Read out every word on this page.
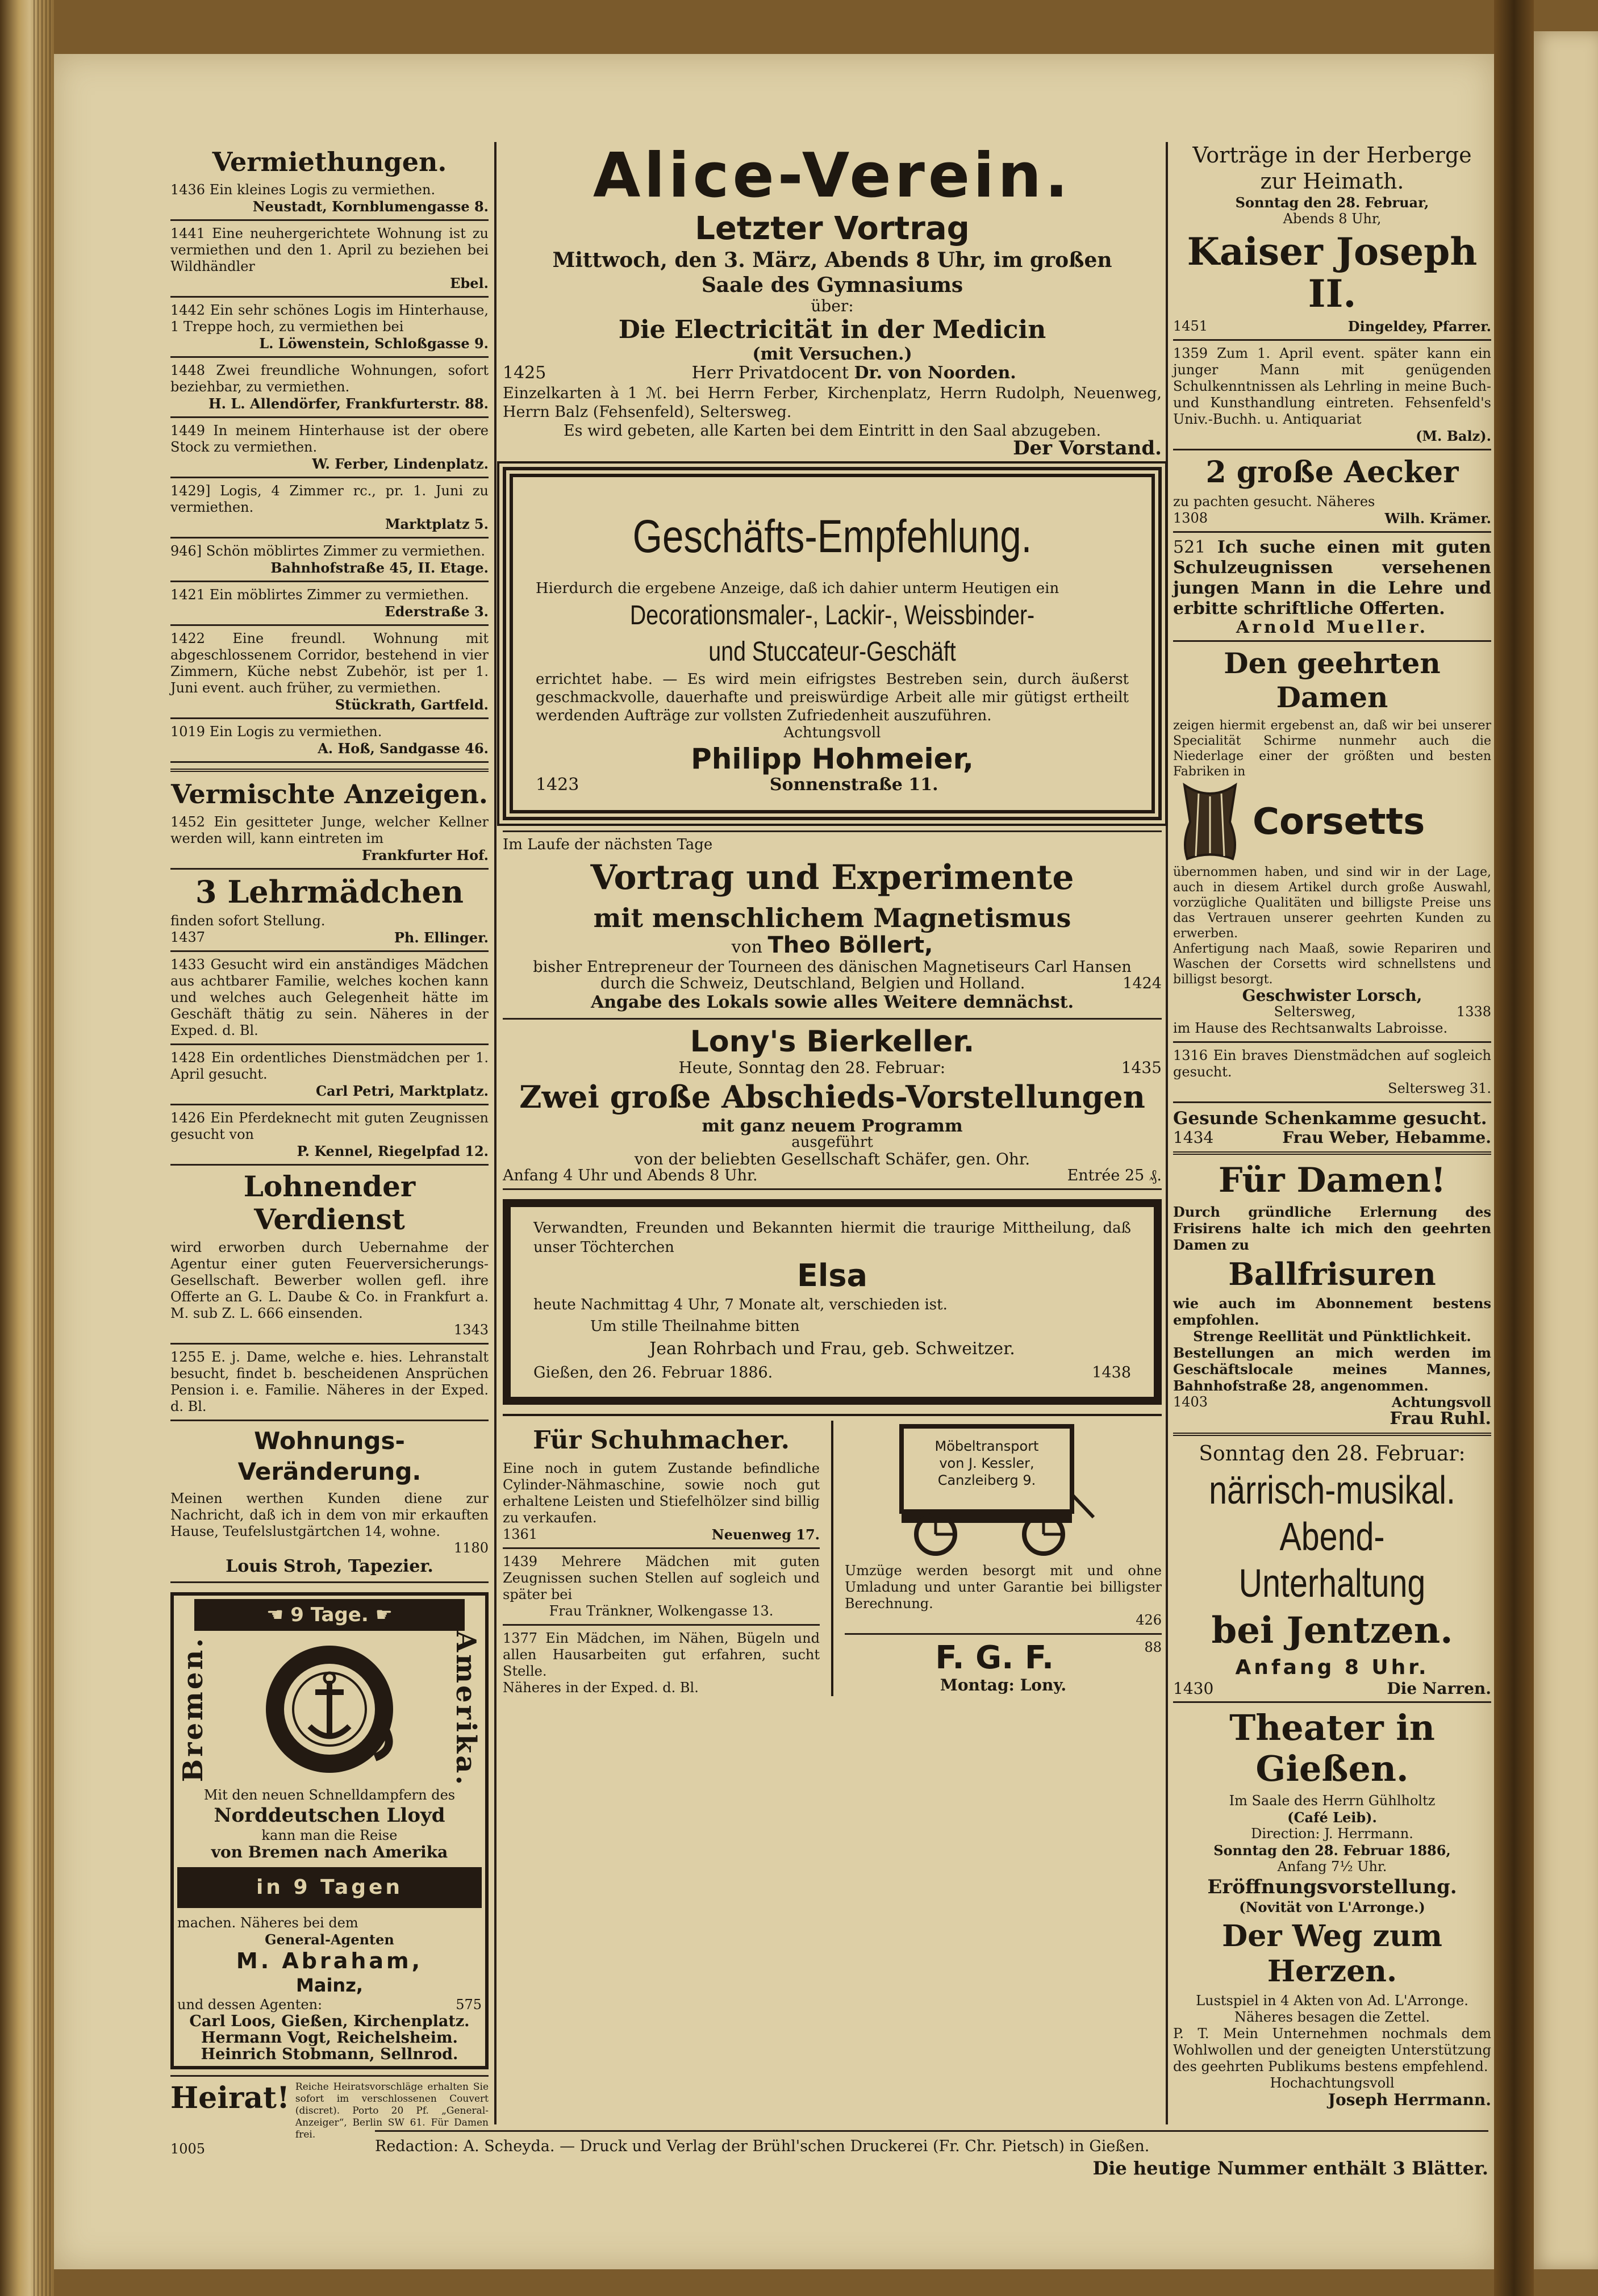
Vermiethungen.

1436 Ein kleines Logis zu vermiethen.

Neustadt, Kornblumengasse 8.

1441 Eine neuhergerichtete Wohnung ist zu vermiethen und den 1. April zu beziehen bei Wildhändler

Ebel.

1442 Ein sehr schönes Logis im Hinterhause, 1 Treppe hoch, zu vermiethen bei

L. Löwenstein, Schloßgasse 9.

1448 Zwei freundliche Wohnungen, sofort beziehbar, zu vermiethen.

H. L. Allendörfer, Frankfurterstr. 88.

1449 In meinem Hinterhause ist der obere Stock zu vermiethen.

W. Ferber, Lindenplatz.

1429] Logis, 4 Zimmer rc., pr. 1. Juni zu vermiethen.

Marktplatz 5.

946] Schön möblirtes Zimmer zu vermiethen.

Bahnhofstraße 45, II. Etage.

1421 Ein möblirtes Zimmer zu vermiethen.

Ederstraße 3.

1422 Eine freundl. Wohnung mit abgeschlossenem Corridor, bestehend in vier Zimmern, Küche nebst Zubehör, ist per 1. Juni event. auch früher, zu vermiethen.

Stückrath, Gartfeld.

1019 Ein Logis zu vermiethen.

A. Hoß, Sandgasse 46.

Vermischte Anzeigen.

1452 Ein gesitteter Junge, welcher Kellner werden will, kann eintreten im

Frankfurter Hof.

3 Lehrmädchen

finden sofort Stellung.

1437	Ph. Ellinger.

1433 Gesucht wird ein anständiges Mädchen aus achtbarer Familie, welches kochen kann und welches auch Gelegenheit hätte im Geschäft thätig zu sein. Näheres in der Exped. d. Bl.

1428 Ein ordentliches Dienstmädchen per 1. April gesucht.

Carl Petri, Marktplatz.

1426 Ein Pferdeknecht mit guten Zeugnissen gesucht von

P. Kennel, Riegelpfad 12.

Lohnender Verdienst

wird erworben durch Uebernahme der Agentur einer guten Feuerversicherungs-Gesellschaft. Bewerber wollen gefl. ihre Offerte an G. L. Daube & Co. in Frankfurt a. M. sub Z. L. 666 einsenden.

1343

1255 E. j. Dame, welche e. hies. Lehranstalt besucht, findet b. bescheidenen Ansprüchen Pension i. e. Familie. Näheres in der Exped. d. Bl.

Wohnungs-Veränderung.

Meinen werthen Kunden diene zur Nachricht, daß ich in dem von mir erkauften Hause, Teufelslustgärtchen 14, wohne.

1180

Louis Stroh, Tapezier.

☚ 9 Tage. ☛
Bremen.	Amerika.

Mit den neuen Schnelldampfern des

Norddeutschen Lloyd

kann man die Reise

von Bremen nach Amerika

in 9 Tagen

machen. Näheres bei dem

General-Agenten

M. Abraham,

Mainz,

und dessen Agenten:	575

Carl Loos, Gießen, Kirchenplatz.

Hermann Vogt, Reichelsheim.

Heinrich Stobmann, Sellnrod.

Heirat! Reiche Heiratsvorschläge erhalten Sie sofort im verschlossenen Couvert (discret). Porto 20 Pf. „General-Anzeiger“, Berlin SW 61. Für Damen frei.

1005

Alice-Verein.
Letzter Vortrag

Mittwoch, den 3. März, Abends 8 Uhr, im großen

Saale des Gymnasiums

über:

Die Electricität in der Medicin

(mit Versuchen.)

1425	Herr Privatdocent Dr. von Noorden.

Einzelkarten à 1 ℳ. bei Herrn Ferber, Kirchenplatz, Herrn Rudolph, Neuenweg, Herrn Balz (Fehsenfeld), Seltersweg.

Es wird gebeten, alle Karten bei dem Eintritt in den Saal abzugeben.

Der Vorstand.

Geschäfts-Empfehlung.

Hierdurch die ergebene Anzeige, daß ich dahier unterm Heutigen ein

Decorationsmaler-, Lackir-, Weissbinder-
und Stuccateur-Geschäft

errichtet habe. — Es wird mein eifrigstes Bestreben sein, durch äußerst geschmackvolle, dauerhafte und preiswürdige Arbeit alle mir gütigst ertheilt werdenden Aufträge zur vollsten Zufriedenheit auszuführen.

Achtungsvoll

Philipp Hohmeier,
1423	Sonnenstraße 11.

Im Laufe der nächsten Tage

Vortrag und Experimente
mit menschlichem Magnetismus

von Theo Böllert,

bisher Entrepreneur der Tourneen des dänischen Magnetiseurs Carl Hansen

durch die Schweiz, Deutschland, Belgien und Holland.	1424

Angabe des Lokals sowie alles Weitere demnächst.

Lony's Bierkeller.
Heute, Sonntag den 28. Februar:	1435
Zwei große Abschieds-Vorstellungen

mit ganz neuem Programm

ausgeführt

von der beliebten Gesellschaft Schäfer, gen. Ohr.

Anfang 4 Uhr und Abends 8 Uhr.	Entrée 25 ₰.

Verwandten, Freunden und Bekannten hiermit die traurige Mittheilung, daß unser Töchterchen

Elsa

heute Nachmittag 4 Uhr, 7 Monate alt, verschieden ist.

Um stille Theilnahme bitten

Jean Rohrbach und Frau, geb. Schweitzer.

Gießen, den 26. Februar 1886.	1438
Für Schuhmacher.

Eine noch in gutem Zustande befindliche Cylinder-Nähmaschine, sowie noch gut erhaltene Leisten und Stiefelhölzer sind billig zu verkaufen.

1361	Neuenweg 17.

1439 Mehrere Mädchen mit guten Zeugnissen suchen Stellen auf sogleich und später bei

Frau Tränkner, Wolkengasse 13.

1377 Ein Mädchen, im Nähen, Bügeln und allen Hausarbeiten gut erfahren, sucht Stelle.

Näheres in der Exped. d. Bl.

Möbeltransport
von J. Kessler,
Canzleiberg 9.

Umzüge werden besorgt mit und ohne Umladung und unter Garantie bei billigster Berechnung.

426

F. G. F.	88

Montag: Lony.

Vorträge in der Herberge

zur Heimath.

Sonntag den 28. Februar,

Abends 8 Uhr,

Kaiser Joseph II.
1451	Dingeldey, Pfarrer.

1359 Zum 1. April event. später kann ein junger Mann mit genügenden Schulkenntnissen als Lehrling in meine Buch- und Kunsthandlung eintreten. Fehsenfeld's Univ.-Buchh. u. Antiquariat

(M. Balz).

2 große Aecker

zu pachten gesucht. Näheres

1308	Wilh. Krämer.

521 Ich suche einen mit guten Schulzeugnissen versehenen jungen Mann in die Lehre und erbitte schriftliche Offerten.

Arnold Mueller.

Den geehrten Damen

zeigen hiermit ergebenst an, daß wir bei unserer Specialität Schirme nunmehr auch die Niederlage einer der größten und besten Fabriken in

Corsetts

übernommen haben, und sind wir in der Lage, auch in diesem Artikel durch große Auswahl, vorzügliche Qualitäten und billigste Preise uns das Vertrauen unserer geehrten Kunden zu erwerben.

Anfertigung nach Maaß, sowie Repariren und Waschen der Corsetts wird schnellstens und billigst besorgt.

Geschwister Lorsch,

Seltersweg,	1338

im Hause des Rechtsanwalts Labroisse.

1316 Ein braves Dienstmädchen auf sogleich gesucht.

Seltersweg 31.

Gesunde Schenkamme gesucht.

1434	Frau Weber, Hebamme.
Für Damen!

Durch gründliche Erlernung des Frisirens halte ich mich den geehrten Damen zu

Ballfrisuren

wie auch im Abonnement bestens empfohlen.

Strenge Reellität und Pünktlichkeit.

Bestellungen an mich werden im Geschäftslocale meines Mannes, Bahnhofstraße 28, angenommen.

1403	Achtungsvoll

Frau Ruhl.

Sonntag den 28. Februar:

närrisch-musikal.
Abend-Unterhaltung
bei Jentzen.

Anfang 8 Uhr.

1430	Die Narren.
Theater in Gießen.

Im Saale des Herrn Gühlholtz

(Café Leib).

Direction: J. Herrmann.

Sonntag den 28. Februar 1886,

Anfang 7½ Uhr.

Eröffnungsvorstellung.

(Novität von L'Arronge.)

Der Weg zum Herzen.

Lustspiel in 4 Akten von Ad. L'Arronge.

Näheres besagen die Zettel.

P. T. Mein Unternehmen nochmals dem Wohlwollen und der geneigten Unterstützung des geehrten Publikums bestens empfehlend.

Hochachtungsvoll

Joseph Herrmann.

Redaction: A. Scheyda. — Druck und Verlag der Brühl'schen Druckerei (Fr. Chr. Pietsch) in Gießen.

Die heutige Nummer enthält 3 Blätter.
